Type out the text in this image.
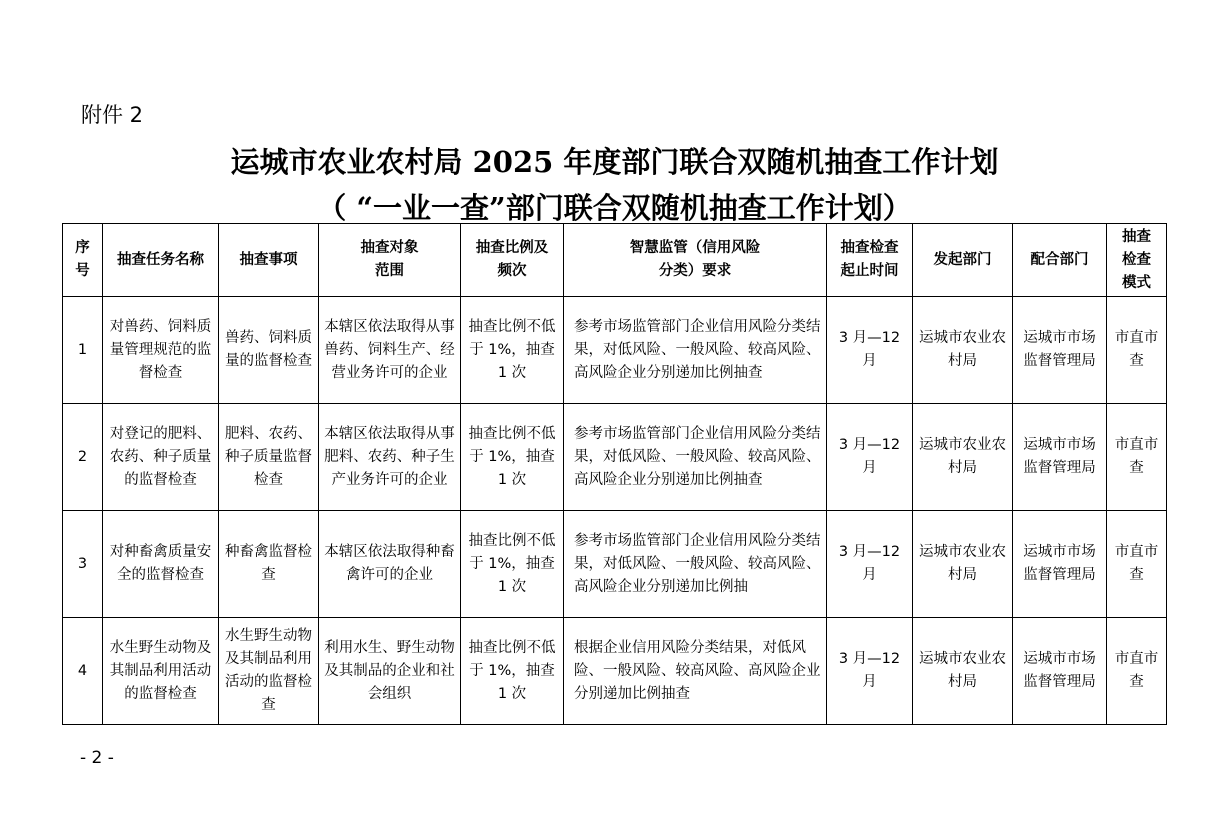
附件 2
运城市农业农村局 2025 年度部门联合双随机抽查工作计划
（ “一业一查”部门联合双随机抽查工作计划）
序号	抽查任务名称	抽查事项	抽查对象范围	抽查比例及频次	智慧监管（信用风险分类）要求	抽查检查起止时间	发起部门	配合部门	抽查检查模式
1	对兽药、饲料质量管理规范的监督检查	兽药、饲料质量的监督检查	本辖区依法取得从事兽药、饲料生产、经营业务许可的企业	抽查比例不低于 1%，抽查 1 次	参考市场监管部门企业信用风险分类结果，对低风险、一般风险、较高风险、高风险企业分别递加比例抽查	3 月—12 月	运城市农业农村局	运城市市场监督管理局	市直市查
2	对登记的肥料、农药、种子质量的监督检查	肥料、农药、种子质量监督检查	本辖区依法取得从事肥料、农药、种子生产业务许可的企业	抽查比例不低于 1%，抽查 1 次	参考市场监管部门企业信用风险分类结果，对低风险、一般风险、较高风险、高风险企业分别递加比例抽查	3 月—12 月	运城市农业农村局	运城市市场监督管理局	市直市查
3	对种畜禽质量安全的监督检查	种畜禽监督检查	本辖区依法取得种畜禽许可的企业	抽查比例不低于 1%，抽查 1 次	参考市场监管部门企业信用风险分类结果，对低风险、一般风险、较高风险、高风险企业分别递加比例抽	3 月—12 月	运城市农业农村局	运城市市场监督管理局	市直市查
4	水生野生动物及其制品利用活动的监督检查	水生野生动物及其制品利用活动的监督检查	利用水生、野生动物及其制品的企业和社会组织	抽查比例不低于 1%，抽查 1 次	根据企业信用风险分类结果，对低风险、一般风险、较高风险、高风险企业分别递加比例抽查	3 月—12 月	运城市农业农村局	运城市市场监督管理局	市直市查
- 2 -
